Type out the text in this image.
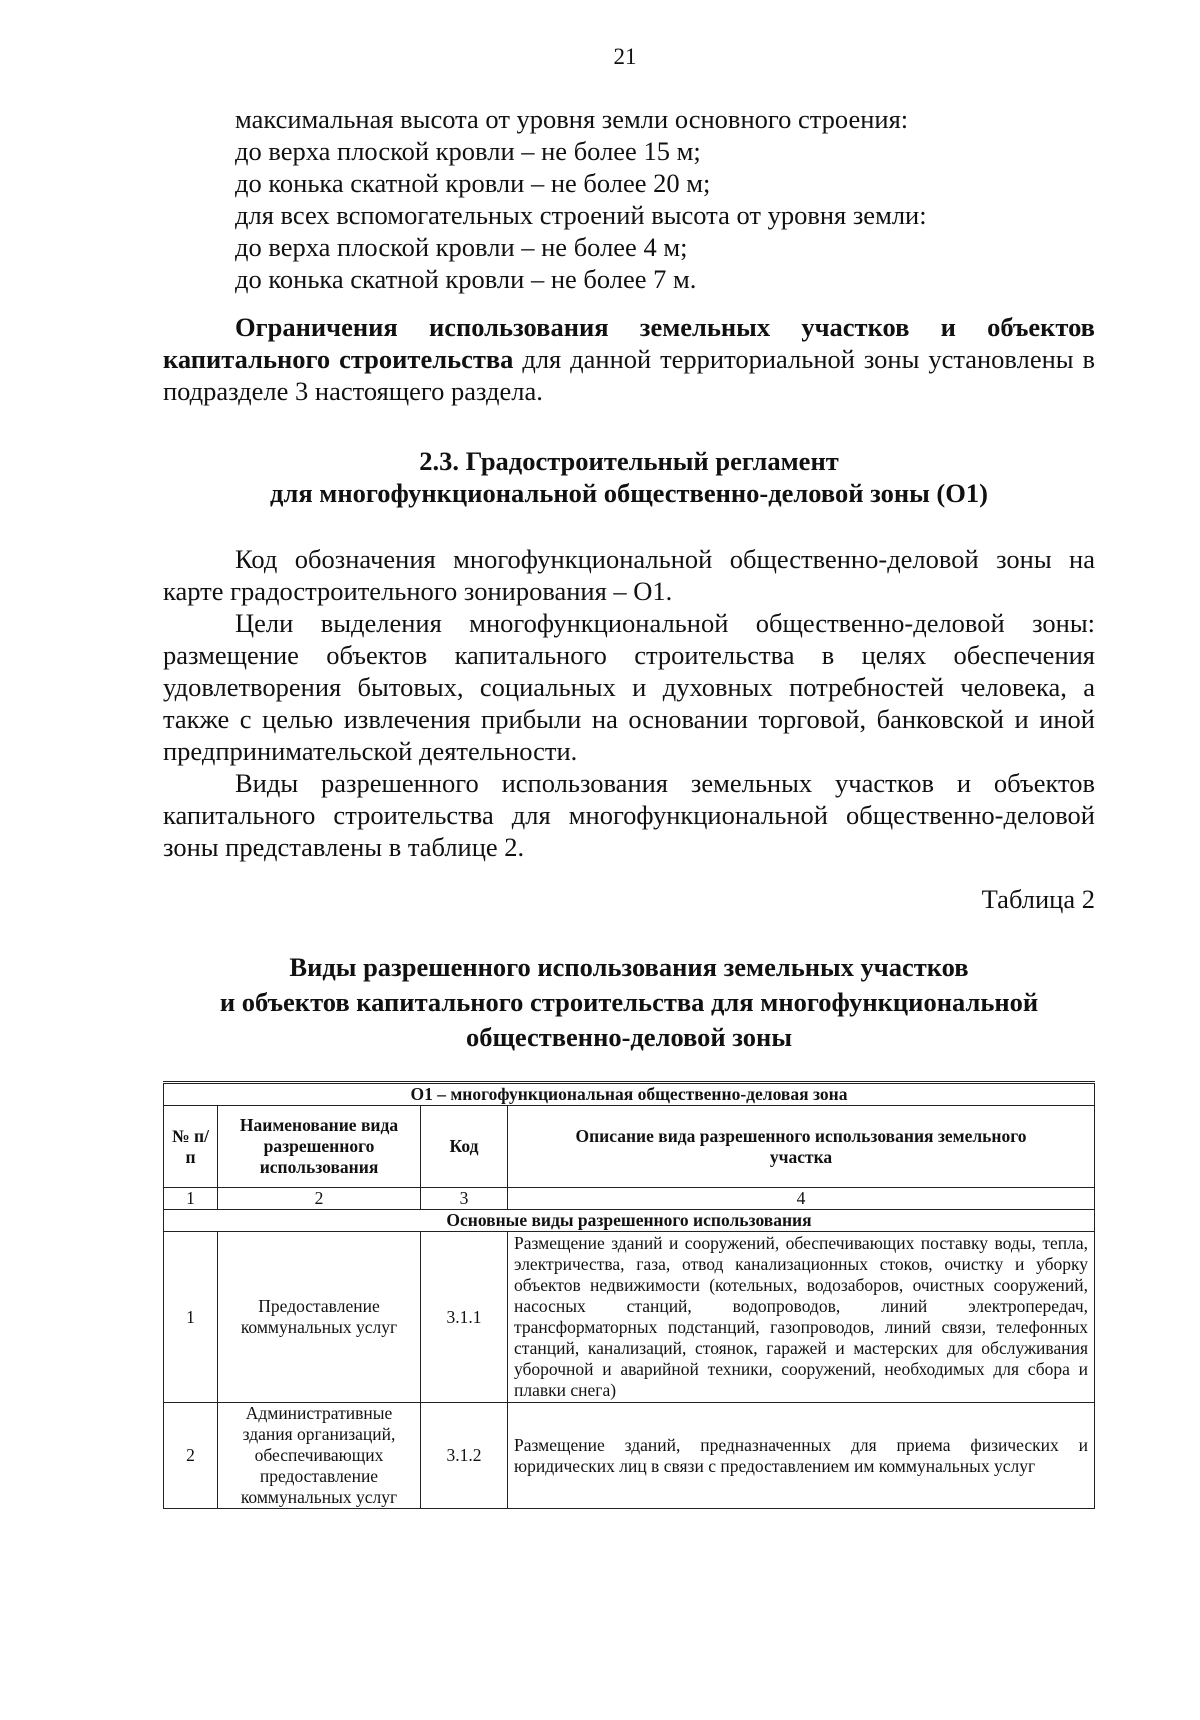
21
максимальная высота от уровня земли основного строения:
до верха плоской кровли – не более 15 м;
до конька скатной кровли – не более 20 м;
для всех вспомогательных строений высота от уровня земли:
до верха плоской кровли – не более 4 м;
до конька скатной кровли – не более 7 м.
Ограничения использования земельных участков и объектов капитального строительства для данной территориальной зоны установлены в подразделе 3 настоящего раздела.
2.3. Градостроительный регламент
для многофункциональной общественно-деловой зоны (О1)
Код обозначения многофункциональной общественно-деловой зоны на карте градостроительного зонирования – О1.
Цели выделения многофункциональной общественно-деловой зоны: размещение объектов капитального строительства в целях обеспечения удовлетворения бытовых, социальных и духовных потребностей человека, а также с целью извлечения прибыли на основании торговой, банковской и иной предпринимательской деятельности.
Виды разрешенного использования земельных участков и объектов капитального строительства для многофункциональной общественно-деловой зоны представлены в таблице 2.
Таблица 2
Виды разрешенного использования земельных участков
и объектов капитального строительства для многофункциональной
общественно-деловой зоны
О1 – многофункциональная общественно-деловая зона			
№ п/п	Наименование вида разрешенного использования	Код	Описание вида разрешенного использования земельного участка
1	2	3	4
Основные виды разрешенного использования			
1	Предоставление коммунальных услуг	3.1.1	Размещение зданий и сооружений, обеспечивающих поставку воды, тепла, электричества, газа, отвод канализационных стоков, очистку и уборку объектов недвижимости (котельных, водозаборов, очистных сооружений, насосных станций, водопроводов, линий электропередач, трансформаторных подстанций, газопроводов, линий связи, телефонных станций, канализаций, стоянок, гаражей и мастерских для обслуживания уборочной и аварийной техники, сооружений, необходимых для сбора и плавки снега)
2	Административные здания организаций, обеспечивающих предоставление коммунальных услуг	3.1.2	Размещение зданий, предназначенных для приема физических и юридических лиц в связи с предоставлением им коммунальных услуг
